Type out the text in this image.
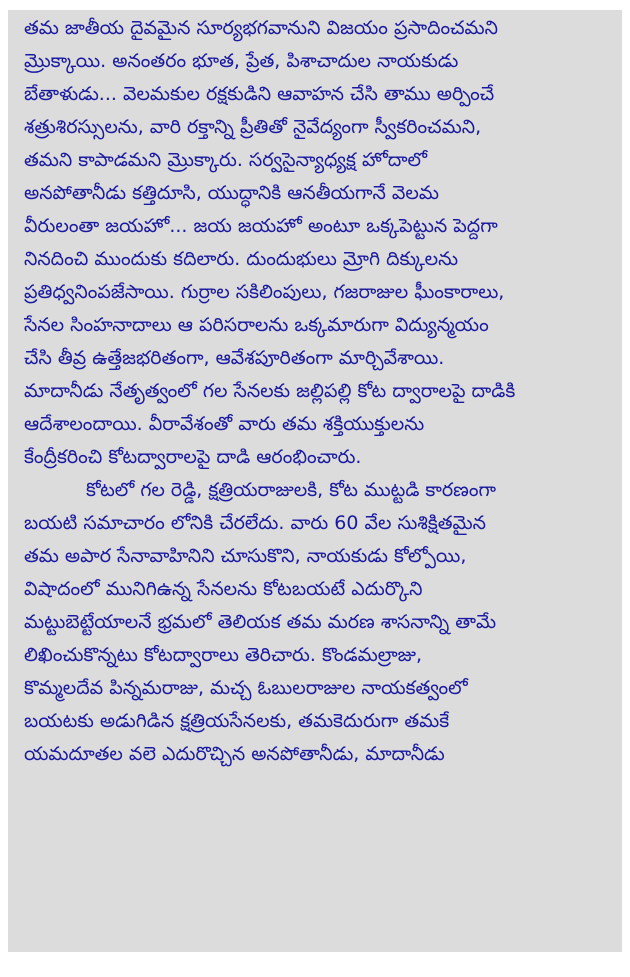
తమ జాతీయ దైవమైన సూర్యభగవానుని విజయం ప్రసాదించమని
మ్రొక్కాయి. అనంతరం భూత, ప్రేత, పిశాచాదుల నాయకుడు
బేతాళుడు... వెలమకుల రక్షకుడిని ఆవాహన చేసి తాము అర్పించే
శత్రుశిరస్సులను, వారి రక్తాన్ని ప్రీతితో నైవేద్యంగా స్వీకరించమని,
తమని కాపాడమని మ్రొక్కారు. సర్వసైన్యాధ్యక్ష హోదాలో
అనపోతానీడు కత్తిదూసి, యుద్ధానికి ఆనతీయగానే వెలమ
వీరులంతా జయహో... జయ జయహో అంటూ ఒక్కపెట్టున పెద్దగా
నినదించి ముందుకు కదిలారు. దుందుభులు మ్రోగి దిక్కులను
ప్రతిధ్వనింపజేసాయి. గుర్రాల సకిలింపులు, గజరాజుల ఘీంకారాలు,
సేనల సింహనాదాలు ఆ పరిసరాలను ఒక్కమారుగా విద్యున్మయం
చేసి తీవ్ర ఉత్తేజభరితంగా, ఆవేశపూరితంగా మార్చివేశాయి.
మాదానీడు నేతృత్వంలో గల సేనలకు జల్లిపల్లి కోట ద్వారాలపై దాడికి
ఆదేశాలందాయి. వీరావేశంతో వారు తమ శక్తియుక్తులను
కేంద్రీకరించి కోటద్వారాలపై దాడి ఆరంభించారు.
కోటలో గల రెడ్డి, క్షత్రియరాజులకి, కోట ముట్టడి కారణంగా
బయటి సమాచారం లోనికి చేరలేదు. వారు 60 వేల సుశిక్షితమైన
తమ అపార సేనావాహినిని చూసుకొని, నాయకుడు కోల్పోయి,
విషాదంలో మునిగిఉన్న సేనలను కోటబయటే ఎదుర్కొని
మట్టుబెట్టేయాలనే భ్రమలో తెలియక తమ మరణ శాసనాన్ని తామే
లిఖించుకొన్నటు కోటద్వారాలు తెరిచారు. కొండమల్రాజు,
కొమ్మలదేవ పిన్నమరాజు, మచ్చ ఓబులరాజుల నాయకత్వంలో
బయటకు అడుగిడిన క్షత్రియసేనలకు, తమకెదురుగా తమకే
యమదూతల వలె ఎదురొచ్చిన అనపోతానీడు, మాదానీడు
